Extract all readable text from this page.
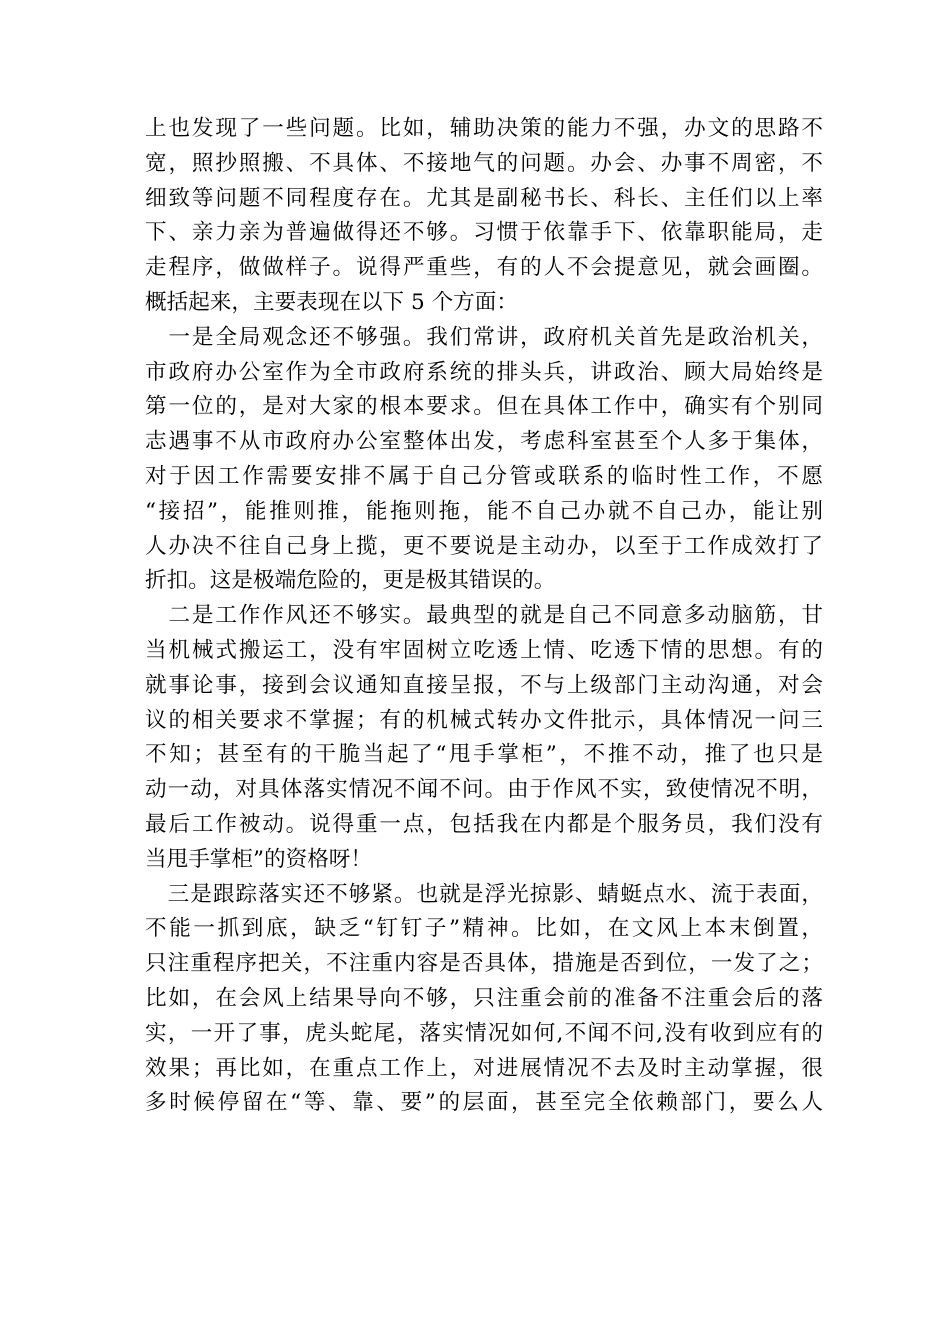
上也发现了一些问题。比如，辅助决策的能力不强，办文的思路不
宽，照抄照搬、不具体、不接地气的问题。办会、办事不周密，不
细致等问题不同程度存在。尤其是副秘书长、科长、主任们以上率
下、亲力亲为普遍做得还不够。习惯于依靠手下、依靠职能局，走
走程序，做做样子。说得严重些，有的人不会提意见，就会画圈。
概括起来，主要表现在以下 5 个方面：
　一是全局观念还不够强。我们常讲，政府机关首先是政治机关，
市政府办公室作为全市政府系统的排头兵，讲政治、顾大局始终是
第一位的，是对大家的根本要求。但在具体工作中，确实有个别同
志遇事不从市政府办公室整体出发，考虑科室甚至个人多于集体，
对于因工作需要安排不属于自己分管或联系的临时性工作，不愿
“接招”，能推则推，能拖则拖，能不自己办就不自己办，能让别
人办决不往自己身上揽，更不要说是主动办，以至于工作成效打了
折扣。这是极端危险的，更是极其错误的。
　二是工作作风还不够实。最典型的就是自己不同意多动脑筋，甘
当机械式搬运工，没有牢固树立吃透上情、吃透下情的思想。有的
就事论事，接到会议通知直接呈报，不与上级部门主动沟通，对会
议的相关要求不掌握；有的机械式转办文件批示，具体情况一问三
不知；甚至有的干脆当起了“甩手掌柜”，不推不动，推了也只是
动一动，对具体落实情况不闻不问。由于作风不实，致使情况不明，
最后工作被动。说得重一点，包括我在内都是个服务员，我们没有
当甩手掌柜”的资格呀！
　三是跟踪落实还不够紧。也就是浮光掠影、蜻蜓点水、流于表面，
不能一抓到底，缺乏“钉钉子”精神。比如，在文风上本末倒置，
只注重程序把关，不注重内容是否具体，措施是否到位，一发了之；
比如，在会风上结果导向不够，只注重会前的准备不注重会后的落
实，一开了事，虎头蛇尾，落实情况如何,不闻不问,没有收到应有的
效果；再比如，在重点工作上，对进展情况不去及时主动掌握，很
多时候停留在“等、靠、要”的层面，甚至完全依赖部门，要么人
